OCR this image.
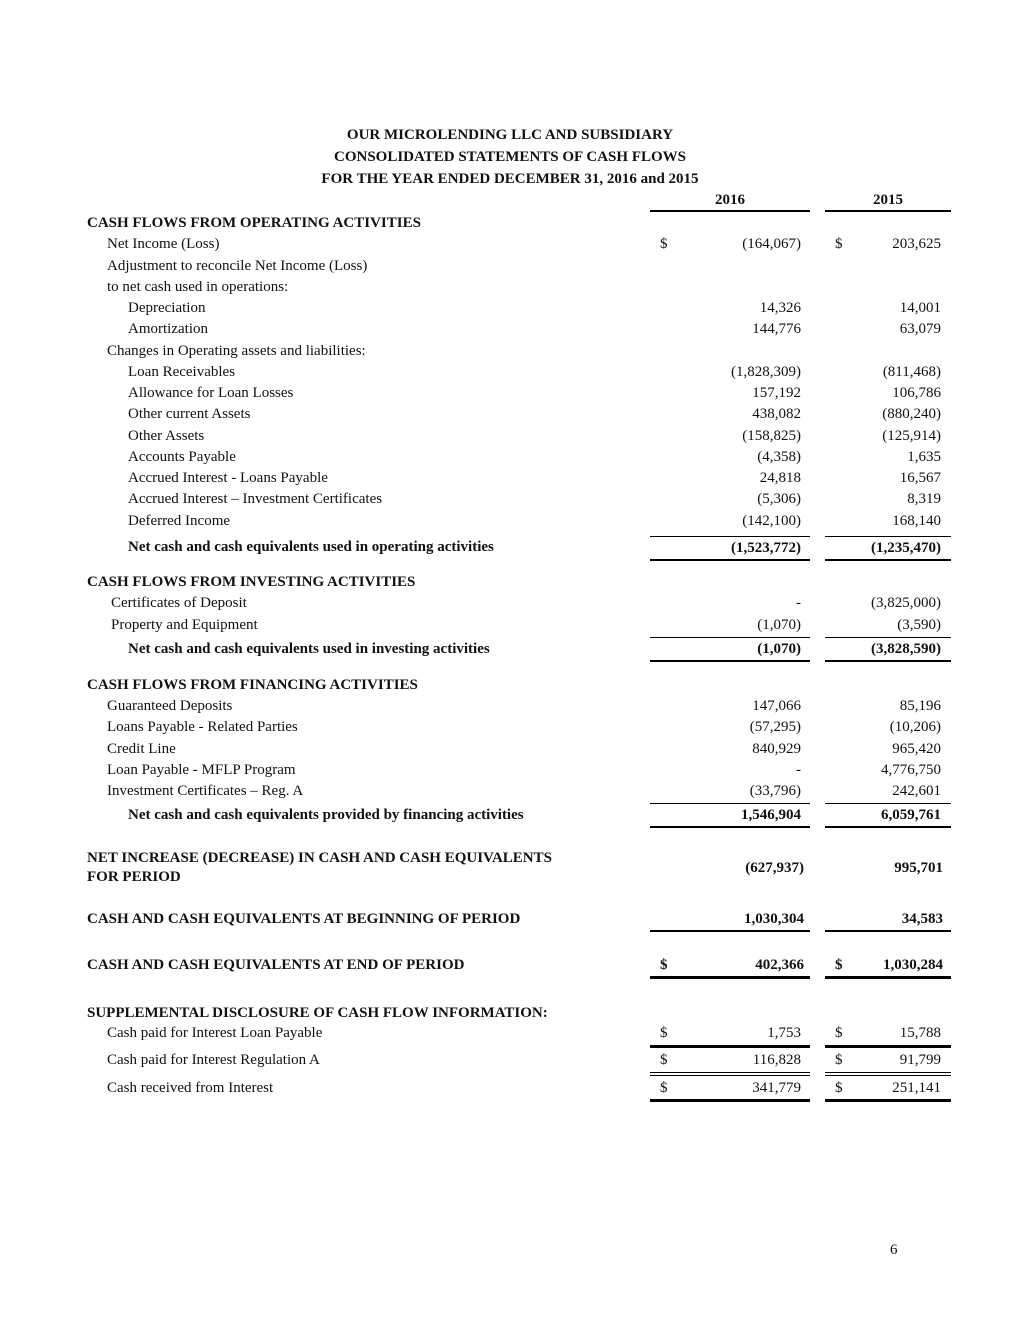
OUR MICROLENDING LLC AND SUBSIDIARY
CONSOLIDATED STATEMENTS OF CASH FLOWS
FOR THE YEAR ENDED DECEMBER 31, 2016 and 2015
2016	2015
CASH FLOWS FROM OPERATING ACTIVITIES
Net Income (Loss)	$	(164,067) $	203,625
Adjustment to reconcile Net Income (Loss)
to net cash used in operations:
Depreciation	14,326	14,001
Amortization	144,776	63,079
Changes in Operating assets and liabilities:
Loan Receivables	(1,828,309)	(811,468)
Allowance for Loan Losses	157,192	106,786
Other current Assets	438,082	(880,240)
Other Assets	(158,825)	(125,914)
Accounts Payable	(4,358)	1,635
Accrued Interest - Loans Payable	24,818	16,567
Accrued Interest – Investment Certificates	(5,306)	8,319
Deferred Income	(142,100)	168,140
Net cash and cash equivalents used in operating activities	(1,523,772)	(1,235,470)
CASH FLOWS FROM INVESTING ACTIVITIES
Certificates of Deposit	-	(3,825,000)
Property and Equipment	(1,070)	(3,590)
Net cash and cash equivalents used in investing activities	(1,070)	(3,828,590)
CASH FLOWS FROM FINANCING ACTIVITIES
Guaranteed Deposits	147,066	85,196
Loans Payable - Related Parties	(57,295)	(10,206)
Credit Line	840,929	965,420
Loan Payable - MFLP Program	-	4,776,750
Investment Certificates – Reg. A	(33,796)	242,601
Net cash and cash equivalents provided by financing activities	1,546,904	6,059,761
NET INCREASE (DECREASE) IN CASH AND CASH EQUIVALENTS
FOR PERIOD
(627,937)	995,701
CASH AND CASH EQUIVALENTS AT BEGINNING OF PERIOD	1,030,304	34,583
CASH AND CASH EQUIVALENTS AT END OF PERIOD	$	402,366 $	1,030,284
SUPPLEMENTAL DISCLOSURE OF CASH FLOW INFORMATION:
Cash paid for Interest Loan Payable	$	1,753 $	15,788
Cash paid for Interest Regulation A	$	116,828 $	91,799
Cash received from Interest	$	341,779 $	251,141
6
